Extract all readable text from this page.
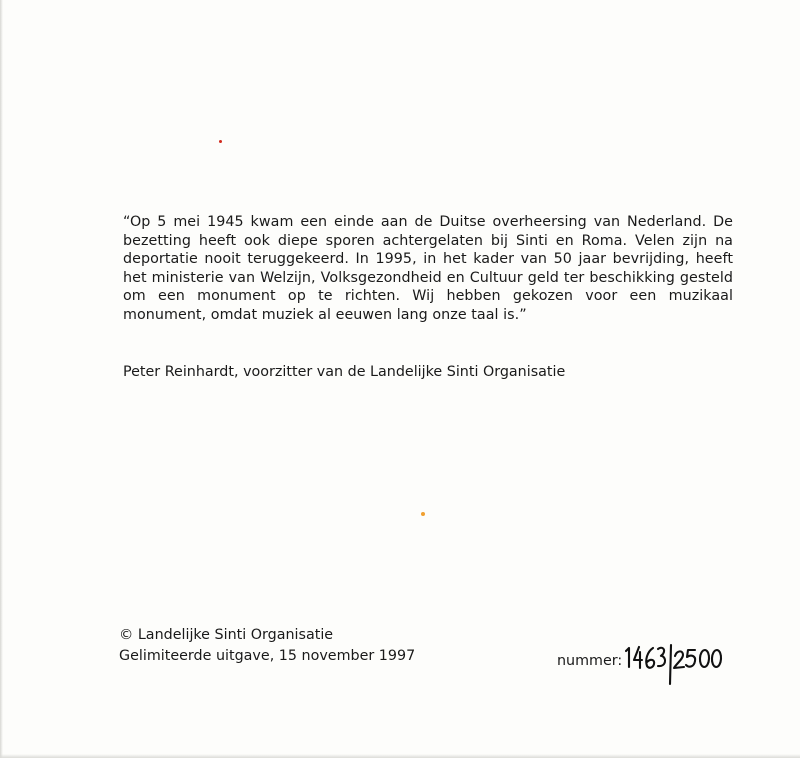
“Op 5 mei 1945 kwam een einde aan de Duitse overheersing van Nederland. De bezetting heeft ook diepe sporen achtergelaten bij Sinti en Roma. Velen zijn na deportatie nooit teruggekeerd. In 1995, in het kader van 50 jaar bevrijding, heeft het ministerie van Welzijn, Volksgezondheid en Cultuur geld ter beschikking gesteld om een monument op te richten. Wij hebben gekozen voor een muzikaal monument, omdat muziek al eeuwen lang onze taal is.”

Peter Reinhardt, voorzitter van de Landelijke Sinti Organisatie

© Landelijke Sinti Organisatie
Gelimiteerde uitgave, 15 november 1997	nummer:
